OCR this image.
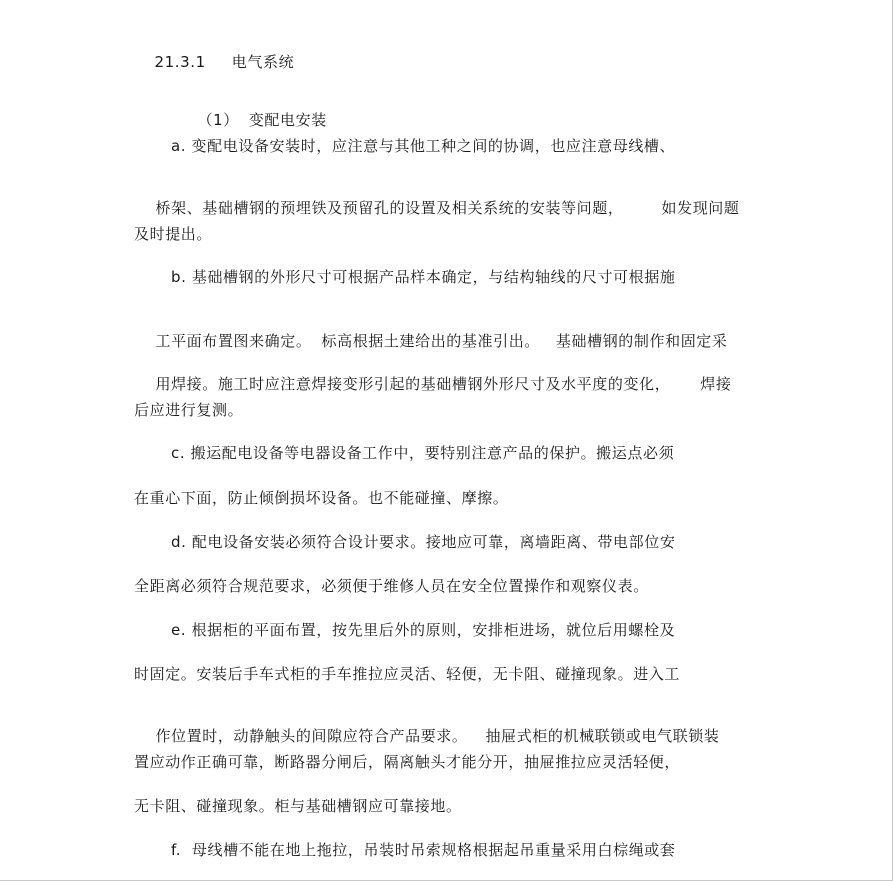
21.3.1 电气系统

（1） 变配电安装

a. 变配电设备安装时，应注意与其他工种之间的协调，也应注意母线槽、

桥架、基础槽钢的预埋铁及预留孔的设置及相关系统的安装等问题，	如发现问题

及时提出。
b. 基础槽钢的外形尺寸可根据产品样本确定，与结构轴线的尺寸可根据施

工平面布置图来确定。 标高根据土建给出的基准引出。 基础槽钢的制作和固定采

用焊接。施工时应注意焊接变形引起的基础槽钢外形尺寸及水平度的变化， 焊接

后应进行复测。
c. 搬运配电设备等电器设备工作中，要特别注意产品的保护。搬运点必须
在重心下面，防止倾倒损坏设备。也不能碰撞、摩擦。
d. 配电设备安装必须符合设计要求。接地应可靠，离墙距离、带电部位安
全距离必须符合规范要求，必须便于维修人员在安全位置操作和观察仪表。
e. 根据柜的平面布置，按先里后外的原则，安排柜进场，就位后用螺栓及
时固定。安装后手车式柜的手车推拉应灵活、轻便，无卡阻、碰撞现象。进入工

作位置时，动静触头的间隙应符合产品要求。 抽屉式柜的机械联锁或电气联锁装

置应动作正确可靠，断路器分闸后，隔离触头才能分开，抽屉推拉应灵活轻便，
无卡阻、碰撞现象。柜与基础槽钢应可靠接地。
f.  母线槽不能在地上拖拉，吊装时吊索规格根据起吊重量采用白棕绳或套
